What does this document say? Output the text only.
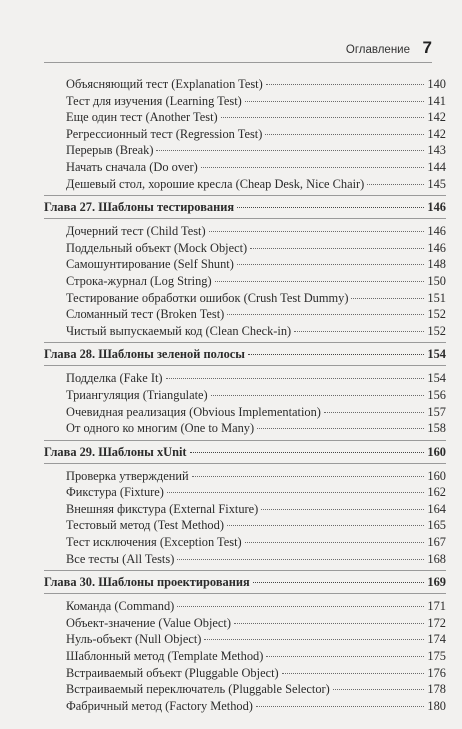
Оглавление 7
Объясняющий тест (Explanation Test)	140
Тест для изучения (Learning Test)	141
Еще один тест (Another Test)	142
Регрессионный тест (Regression Test)	142
Перерыв (Break)	143
Начать сначала (Do over)	144
Дешевый стол, хорошие кресла (Cheap Desk, Nice Chair)	145
Глава 27. Шаблоны тестирования	146
Дочерний тест (Child Test)	146
Поддельный объект (Mock Object)	146
Самошунтирование (Self Shunt)	148
Строка-журнал (Log String)	150
Тестирование обработки ошибок (Crush Test Dummy)	151
Сломанный тест (Broken Test)	152
Чистый выпускаемый код (Clean Check-in)	152
Глава 28. Шаблоны зеленой полосы	154
Подделка (Fake It)	154
Триангуляция (Triangulate)	156
Очевидная реализация (Obvious Implementation)	157
От одного ко многим (One to Many)	158
Глава 29. Шаблоны xUnit	160
Проверка утверждений	160
Фикстура (Fixture)	162
Внешняя фикстура (External Fixture)	164
Тестовый метод (Test Method)	165
Тест исключения (Exception Test)	167
Все тесты (All Tests)	168
Глава 30. Шаблоны проектирования	169
Команда (Command)	171
Объект-значение (Value Object)	172
Нуль-объект (Null Object)	174
Шаблонный метод (Template Method)	175
Встраиваемый объект (Pluggable Object)	176
Встраиваемый переключатель (Pluggable Selector)	178
Фабричный метод (Factory Method)	180
